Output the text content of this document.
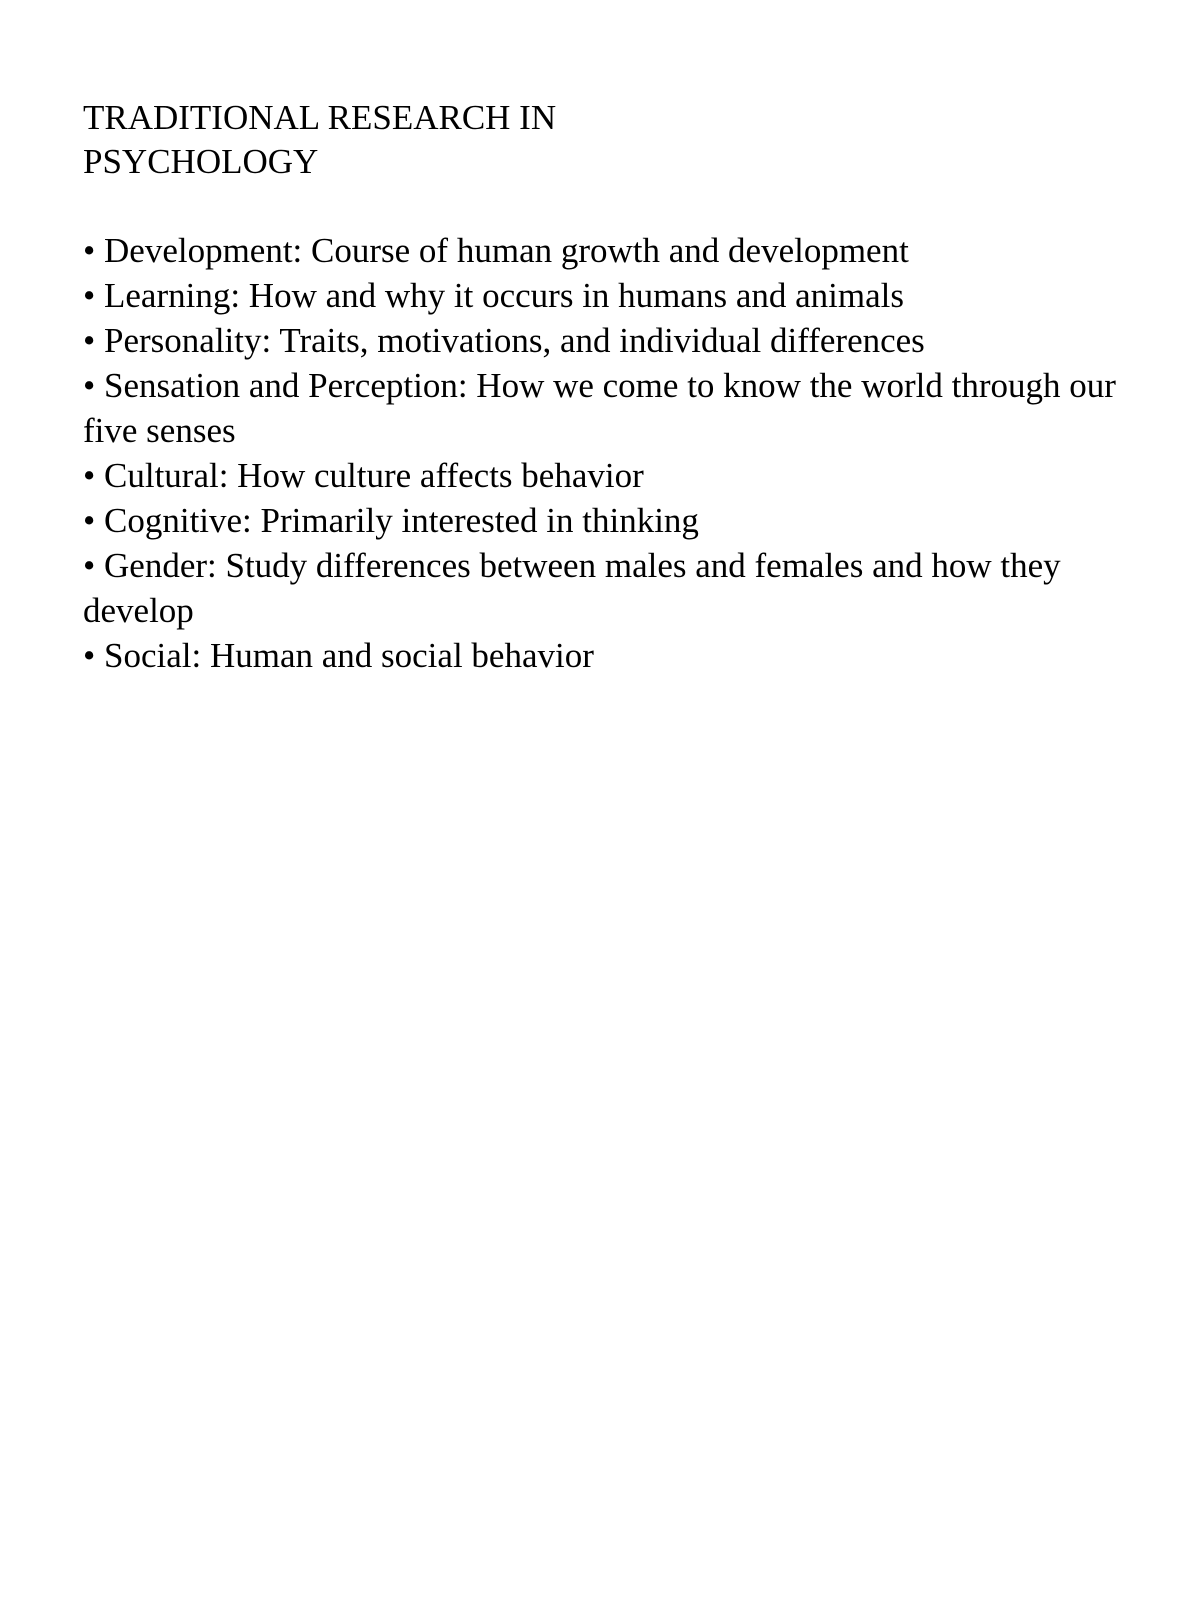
TRADITIONAL RESEARCH IN PSYCHOLOGY
• Development: Course of human growth and development
• Learning: How and why it occurs in humans and animals
• Personality: Traits, motivations, and individual differences
• Sensation and Perception: How we come to know the world through our five senses
• Cultural: How culture affects behavior
• Cognitive: Primarily interested in thinking
• Gender: Study differences between males and females and how they develop
• Social: Human and social behavior
